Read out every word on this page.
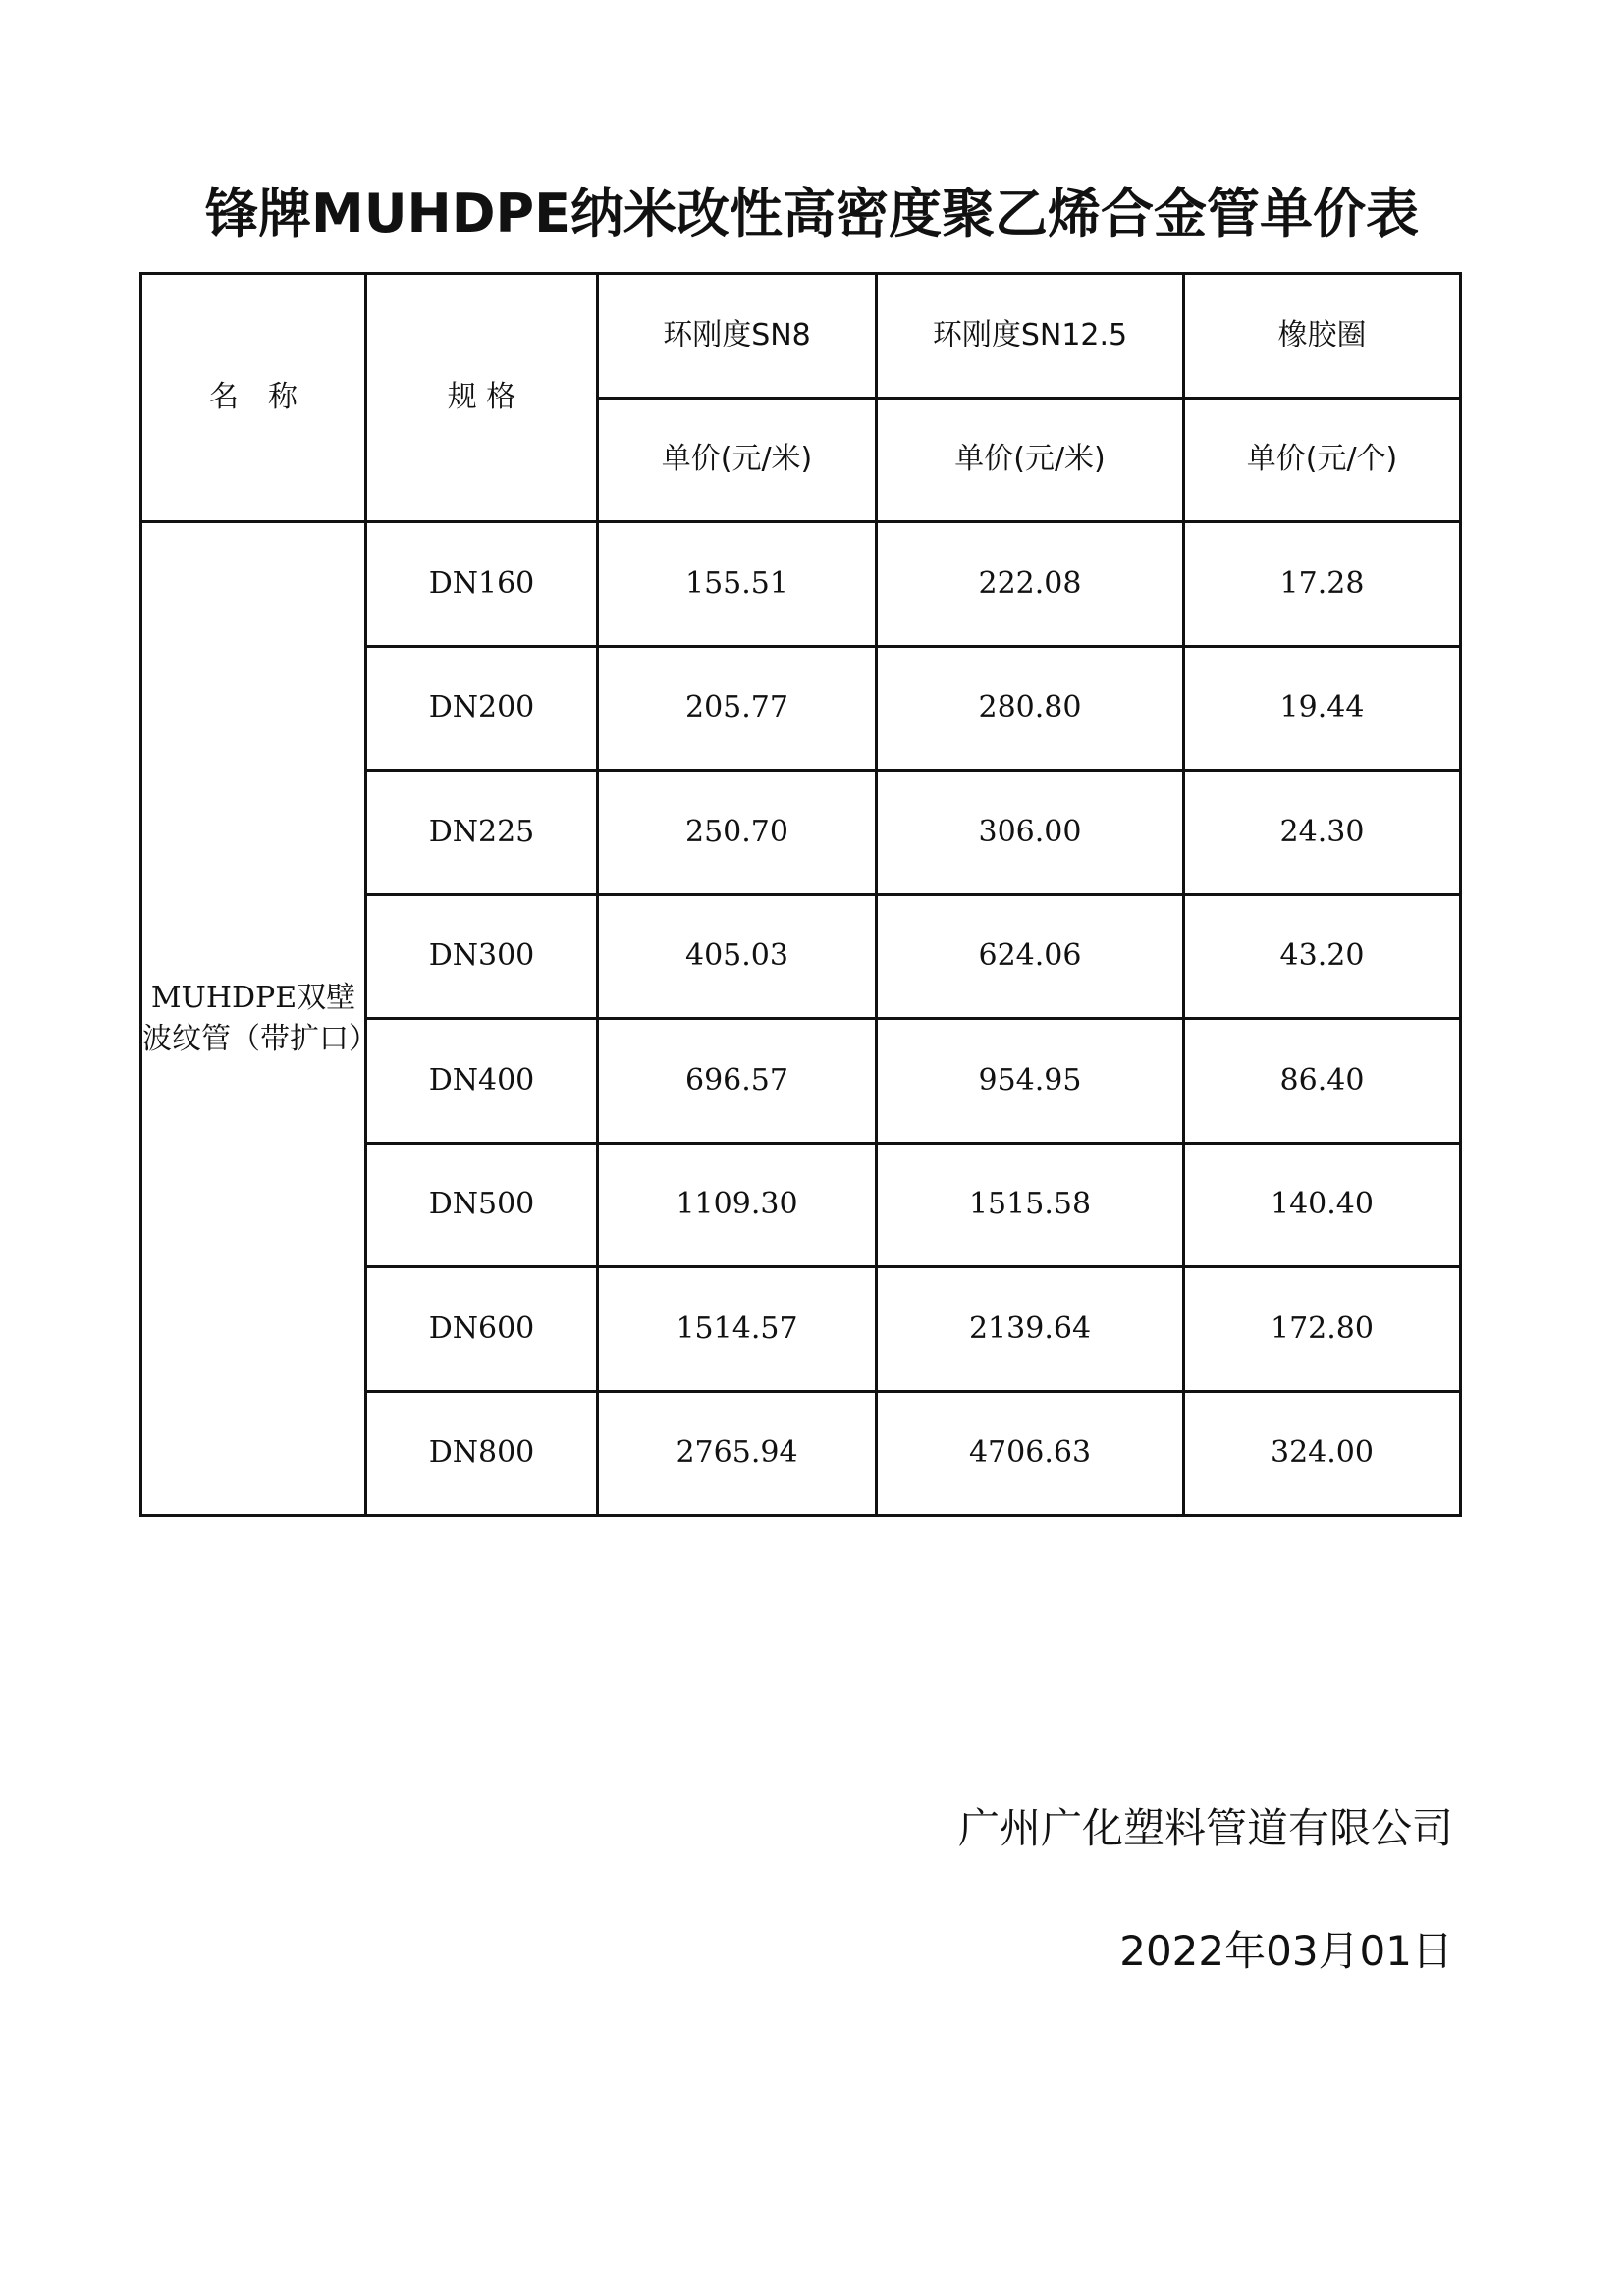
锋牌MUHDPE纳米改性高密度聚乙烯合金管单价表
名　称	规 格	环刚度SN8	环刚度SN12.5	橡胶圈
		单价(元/米)	单价(元/米)	单价(元/个)
MUHDPE双壁波纹管（带扩口）	DN160	155.51	222.08	17.28
	DN200	205.77	280.80	19.44
	DN225	250.70	306.00	24.30
	DN300	405.03	624.06	43.20
	DN400	696.57	954.95	86.40
	DN500	1109.30	1515.58	140.40
	DN600	1514.57	2139.64	172.80
	DN800	2765.94	4706.63	324.00
广州广化塑料管道有限公司
2022年03月01日
